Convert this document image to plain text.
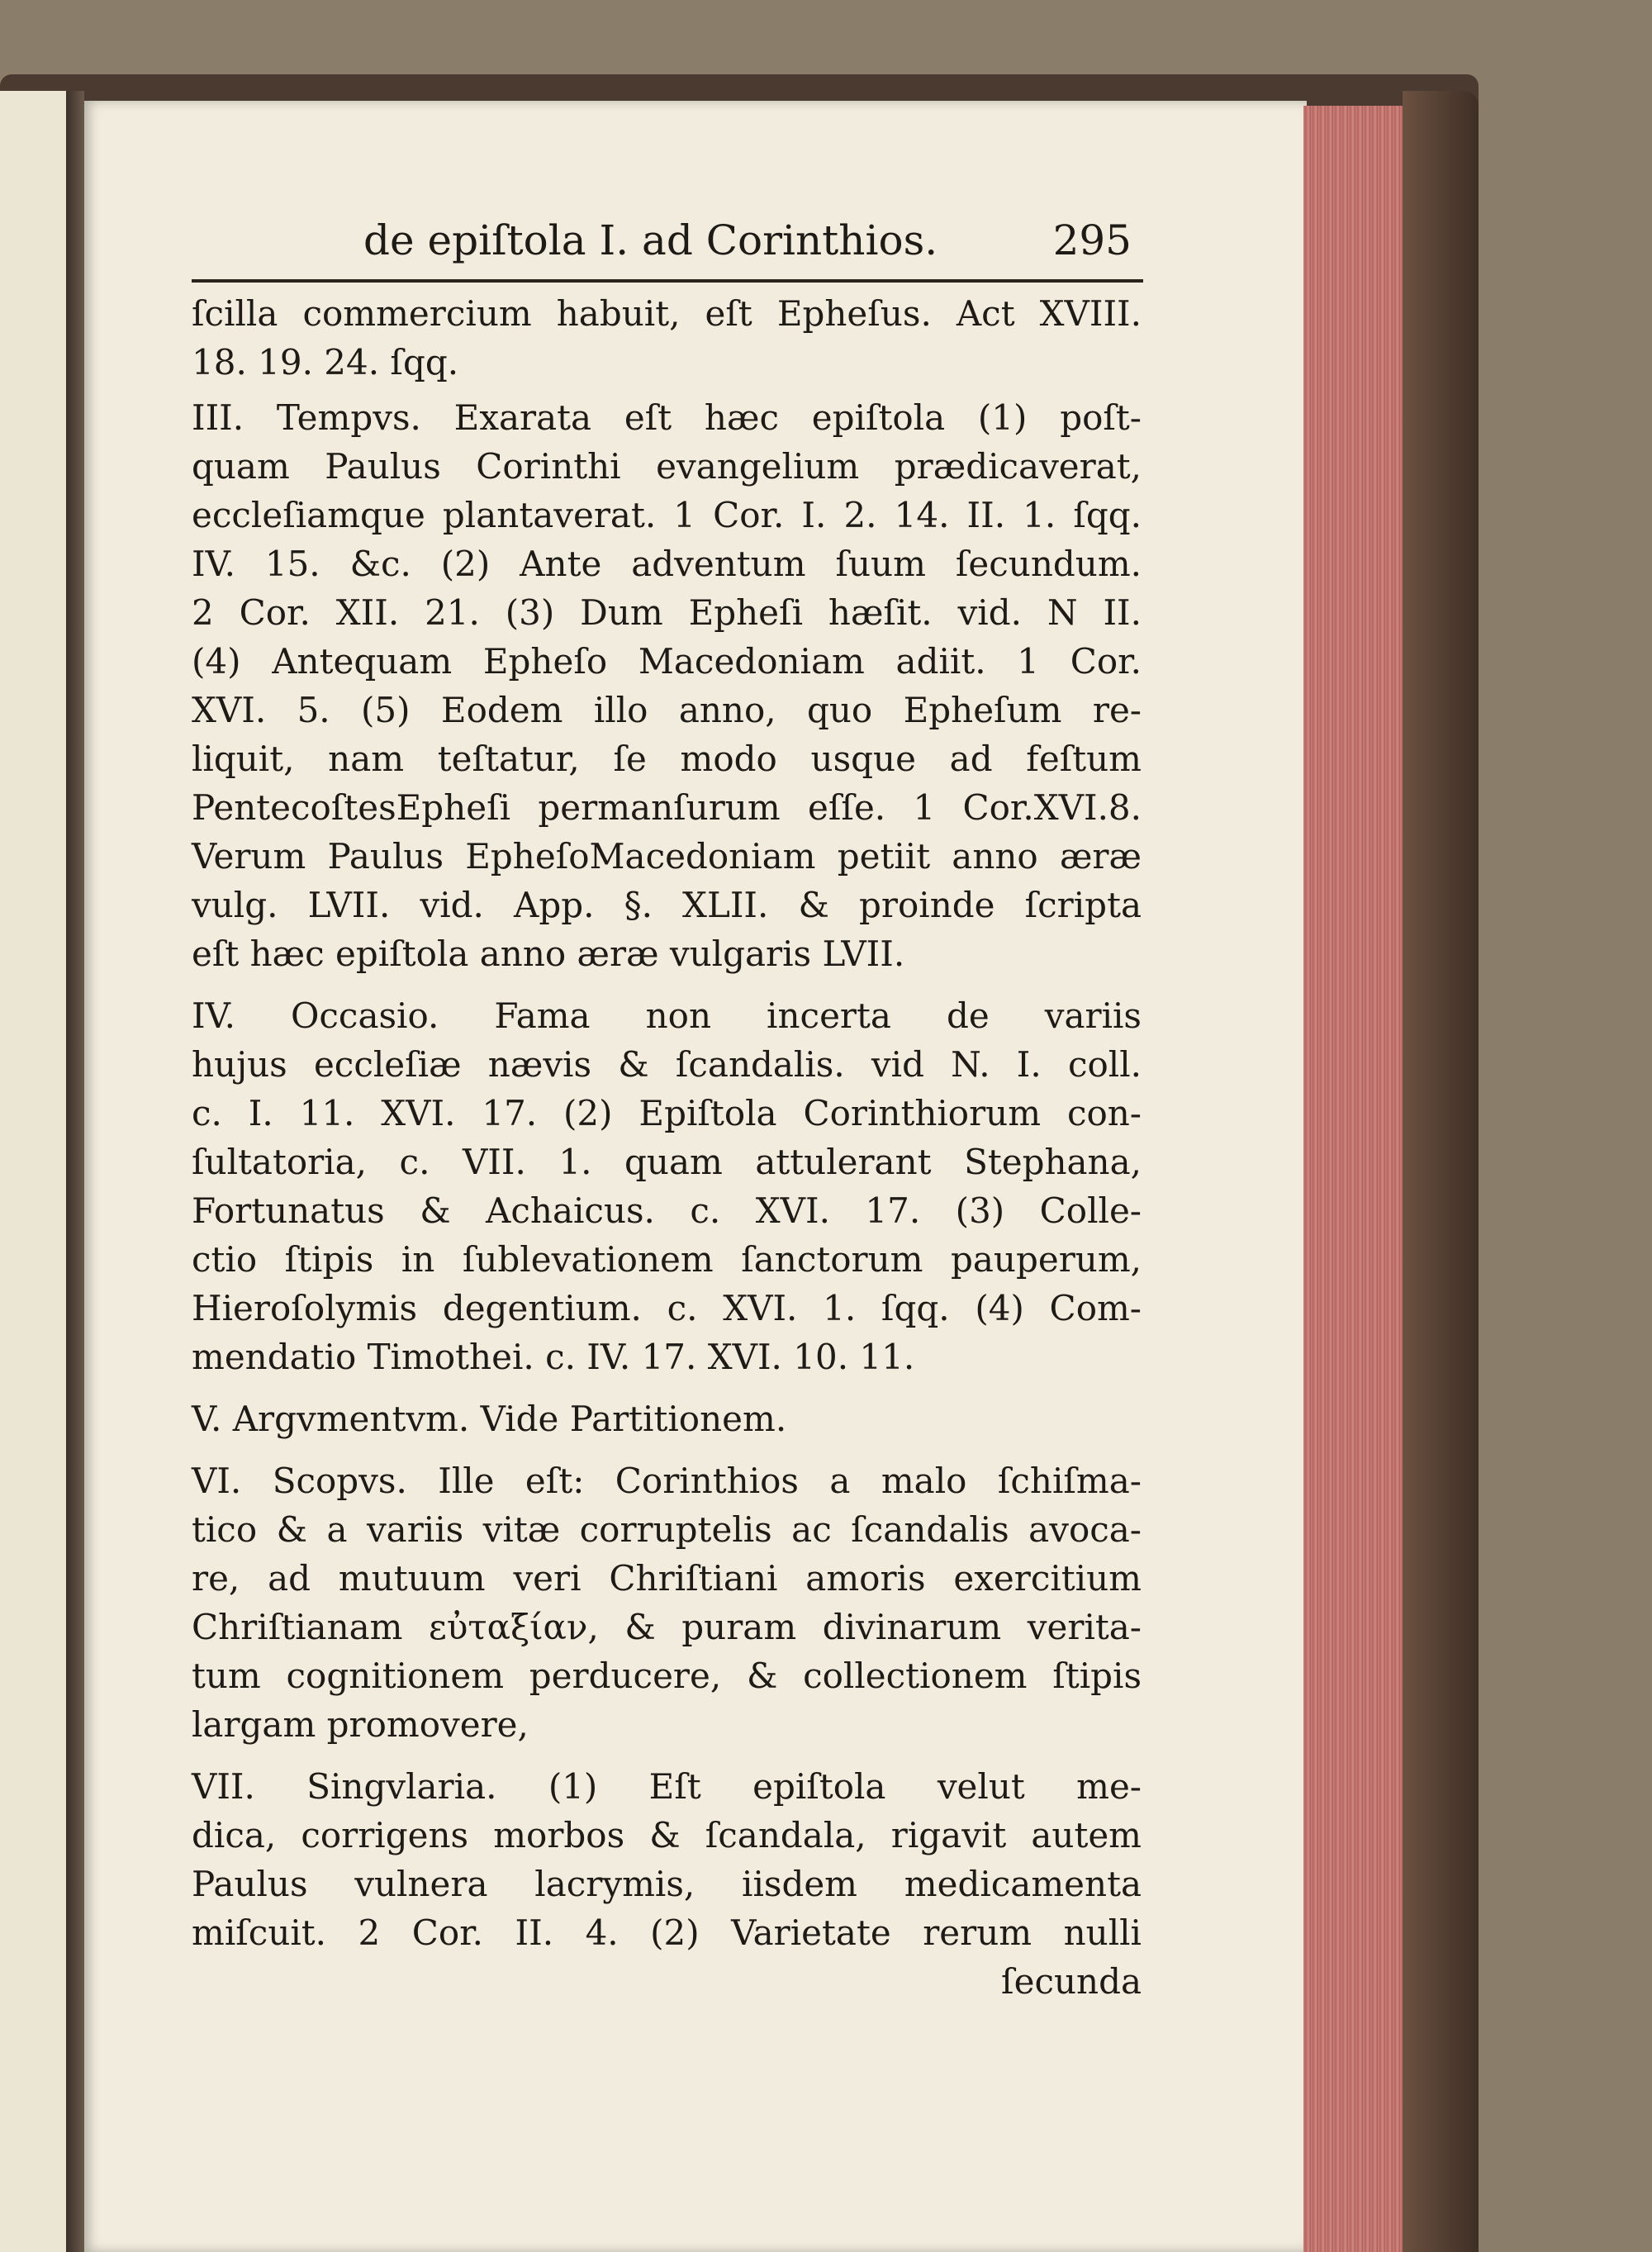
de epiſtola I. ad Corinthios.	295
ſcilla commercium habuit, eſt Epheſus. Act XVIII.
18. 19. 24. ſqq.
III. Tempvs. Exarata eſt hæc epiſtola (1) poſt-
quam Paulus Corinthi evangelium prædicaverat,
eccleſiamque plantaverat. 1 Cor. I. 2. 14. II. 1. ſqq.
IV. 15. &c. (2) Ante adventum ſuum ſecundum.
2 Cor. XII. 21. (3) Dum Epheſi hæſit. vid. N II.
(4) Antequam Epheſo Macedoniam adiit. 1 Cor.
XVI. 5. (5) Eodem illo anno, quo Epheſum re-
liquit, nam teſtatur, ſe modo usque ad feſtum
PentecoſtesEpheſi permanſurum eſſe. 1 Cor.XVI.8.
Verum Paulus EpheſoMacedoniam petiit anno æræ
vulg. LVII. vid. App. §. XLII. & proinde ſcripta
eſt hæc epiſtola anno æræ vulgaris LVII.
IV. Occasio. Fama non incerta de variis
hujus eccleſiæ nævis & ſcandalis. vid N. I. coll.
c. I. 11. XVI. 17. (2) Epiſtola Corinthiorum con-
ſultatoria, c. VII. 1. quam attulerant Stephana,
Fortunatus & Achaicus. c. XVI. 17. (3) Colle-
ctio ſtipis in ſublevationem ſanctorum pauperum,
Hieroſolymis degentium. c. XVI. 1. ſqq. (4) Com-
mendatio Timothei. c. IV. 17. XVI. 10. 11.
V. Argvmentvm. Vide Partitionem.
VI. Scopvs. Ille eſt: Corinthios a malo ſchiſma-
tico & a variis vitæ corruptelis ac ſcandalis avoca-
re, ad mutuum veri Chriſtiani amoris exercitium
Chriſtianam εὐταξίαν, & puram divinarum verita-
tum cognitionem perducere, & collectionem ſtipis
largam promovere,
VII. Singvlaria. (1) Eſt epiſtola velut me-
dica, corrigens morbos & ſcandala, rigavit autem
Paulus vulnera lacrymis, iisdem medicamenta
miſcuit. 2 Cor. II. 4. (2) Varietate rerum nulli
ſecunda
